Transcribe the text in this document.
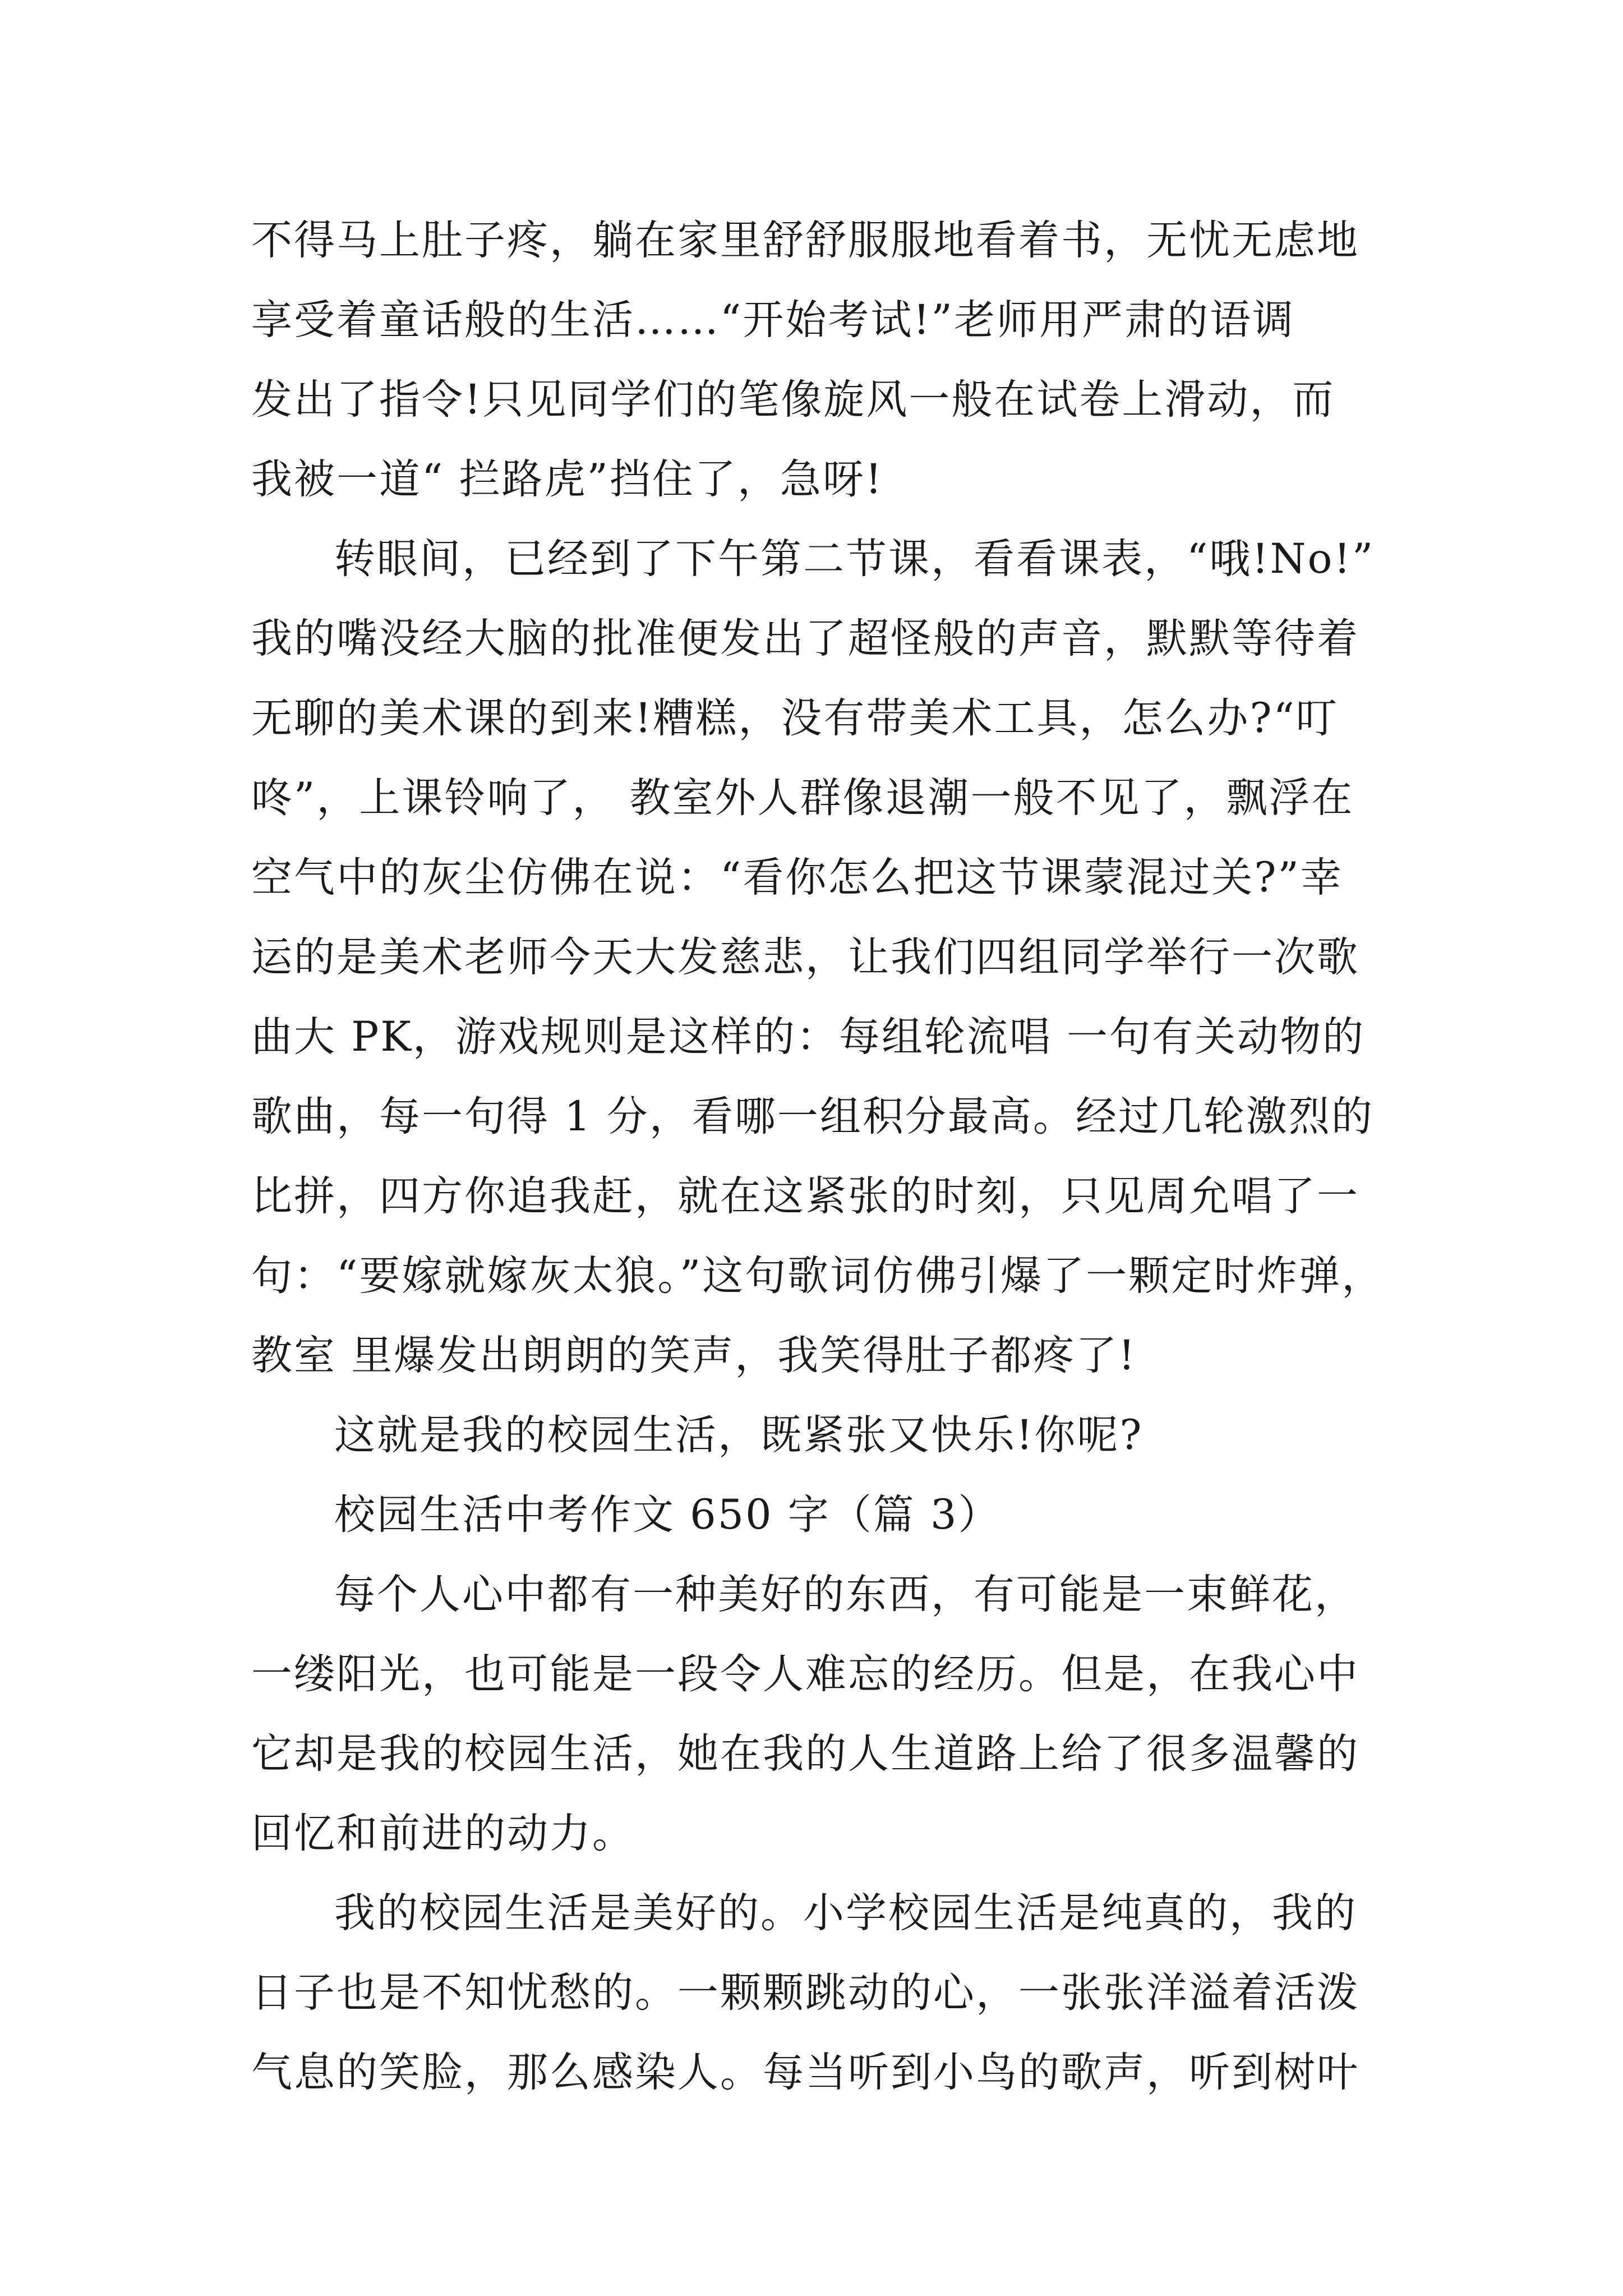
不得马上肚子疼，躺在家里舒舒服服地看着书，无忧无虑地
享受着童话般的生活……“开始考试!”老师用严肃的语调
发出了指令!只见同学们的笔像旋风一般在试卷上滑动，而
我被一道“ 拦路虎”挡住了，急呀!
转眼间，已经到了下午第二节课，看看课表，“哦!No!”
我的嘴没经大脑的批准便发出了超怪般的声音，默默等待着
无聊的美术课的到来!糟糕，没有带美术工具，怎么办?“叮
咚”，上课铃响了， 教室外人群像退潮一般不见了，飘浮在
空气中的灰尘仿佛在说：“看你怎么把这节课蒙混过关?”幸
运的是美术老师今天大发慈悲，让我们四组同学举行一次歌
曲大 PK，游戏规则是这样的：每组轮流唱 一句有关动物的
歌曲，每一句得 1 分，看哪一组积分最高。经过几轮激烈的
比拼，四方你追我赶，就在这紧张的时刻，只见周允唱了一
句：“要嫁就嫁灰太狼。”这句歌词仿佛引爆了一颗定时炸弹，
教室 里爆发出朗朗的笑声，我笑得肚子都疼了!
这就是我的校园生活，既紧张又快乐!你呢?
校园生活中考作文 650 字（篇 3）
每个人心中都有一种美好的东西，有可能是一束鲜花，
一缕阳光，也可能是一段令人难忘的经历。但是，在我心中
它却是我的校园生活，她在我的人生道路上给了很多温馨的
回忆和前进的动力。
我的校园生活是美好的。小学校园生活是纯真的，我的
日子也是不知忧愁的。一颗颗跳动的心，一张张洋溢着活泼
气息的笑脸，那么感染人。每当听到小鸟的歌声，听到树叶
